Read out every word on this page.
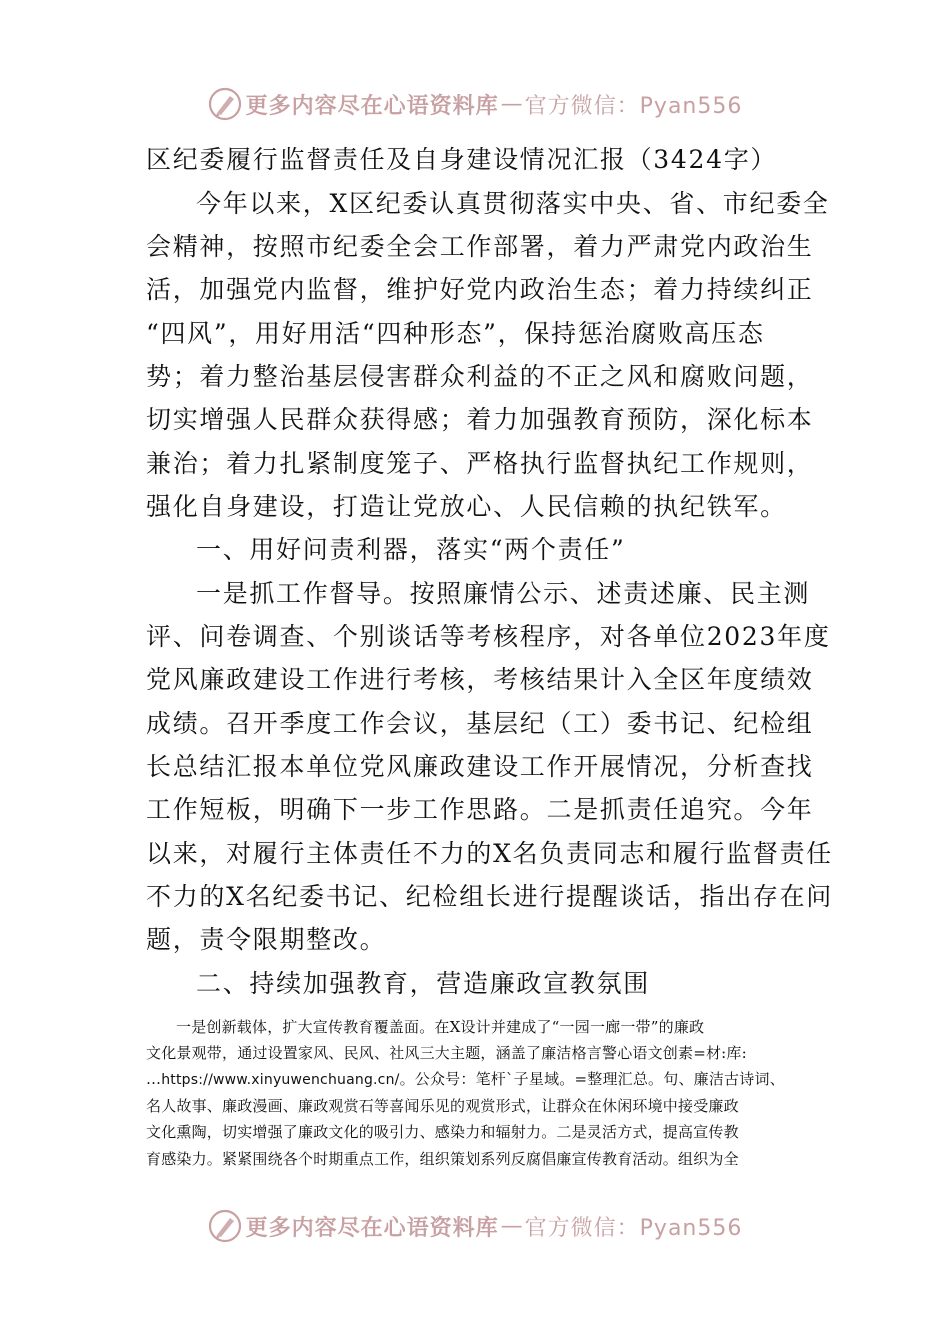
更多内容尽在心语资料库 — 官方微信：Pyan556
区纪委履行监督责任及自身建设情况汇报（3424字）
今年以来，X区纪委认真贯彻落实中央、省、市纪委全
会精神，按照市纪委全会工作部署，着力严肃党内政治生
活，加强党内监督，维护好党内政治生态；着力持续纠正
“四风”，用好用活“四种形态”，保持惩治腐败高压态
势；着力整治基层侵害群众利益的不正之风和腐败问题，
切实增强人民群众获得感；着力加强教育预防，深化标本
兼治；着力扎紧制度笼子、严格执行监督执纪工作规则，
强化自身建设，打造让党放心、人民信赖的执纪铁军。
一、用好问责利器，落实“两个责任”
一是抓工作督导。按照廉情公示、述责述廉、民主测
评、问卷调查、个别谈话等考核程序，对各单位2023年度
党风廉政建设工作进行考核，考核结果计入全区年度绩效
成绩。召开季度工作会议，基层纪（工）委书记、纪检组
长总结汇报本单位党风廉政建设工作开展情况，分析查找
工作短板，明确下一步工作思路。二是抓责任追究。今年
以来，对履行主体责任不力的X名负责同志和履行监督责任
不力的X名纪委书记、纪检组长进行提醒谈话，指出存在问
题，责令限期整改。
二、持续加强教育，营造廉政宣教氛围
一是创新载体，扩大宣传教育覆盖面。在X设计并建成了“一园一廊一带”的廉政
文化景观带，通过设置家风、民风、社风三大主题，涵盖了廉洁格言警心语文创素=材:库:
…https://www.xinyuwenchuang.cn/。公众号：笔杆`子星域。=整理汇总。句、廉洁古诗词、
名人故事、廉政漫画、廉政观赏石等喜闻乐见的观赏形式，让群众在休闲环境中接受廉政
文化熏陶，切实增强了廉政文化的吸引力、感染力和辐射力。二是灵活方式，提高宣传教
育感染力。紧紧围绕各个时期重点工作，组织策划系列反腐倡廉宣传教育活动。组织为全
更多内容尽在心语资料库 — 官方微信：Pyan556
